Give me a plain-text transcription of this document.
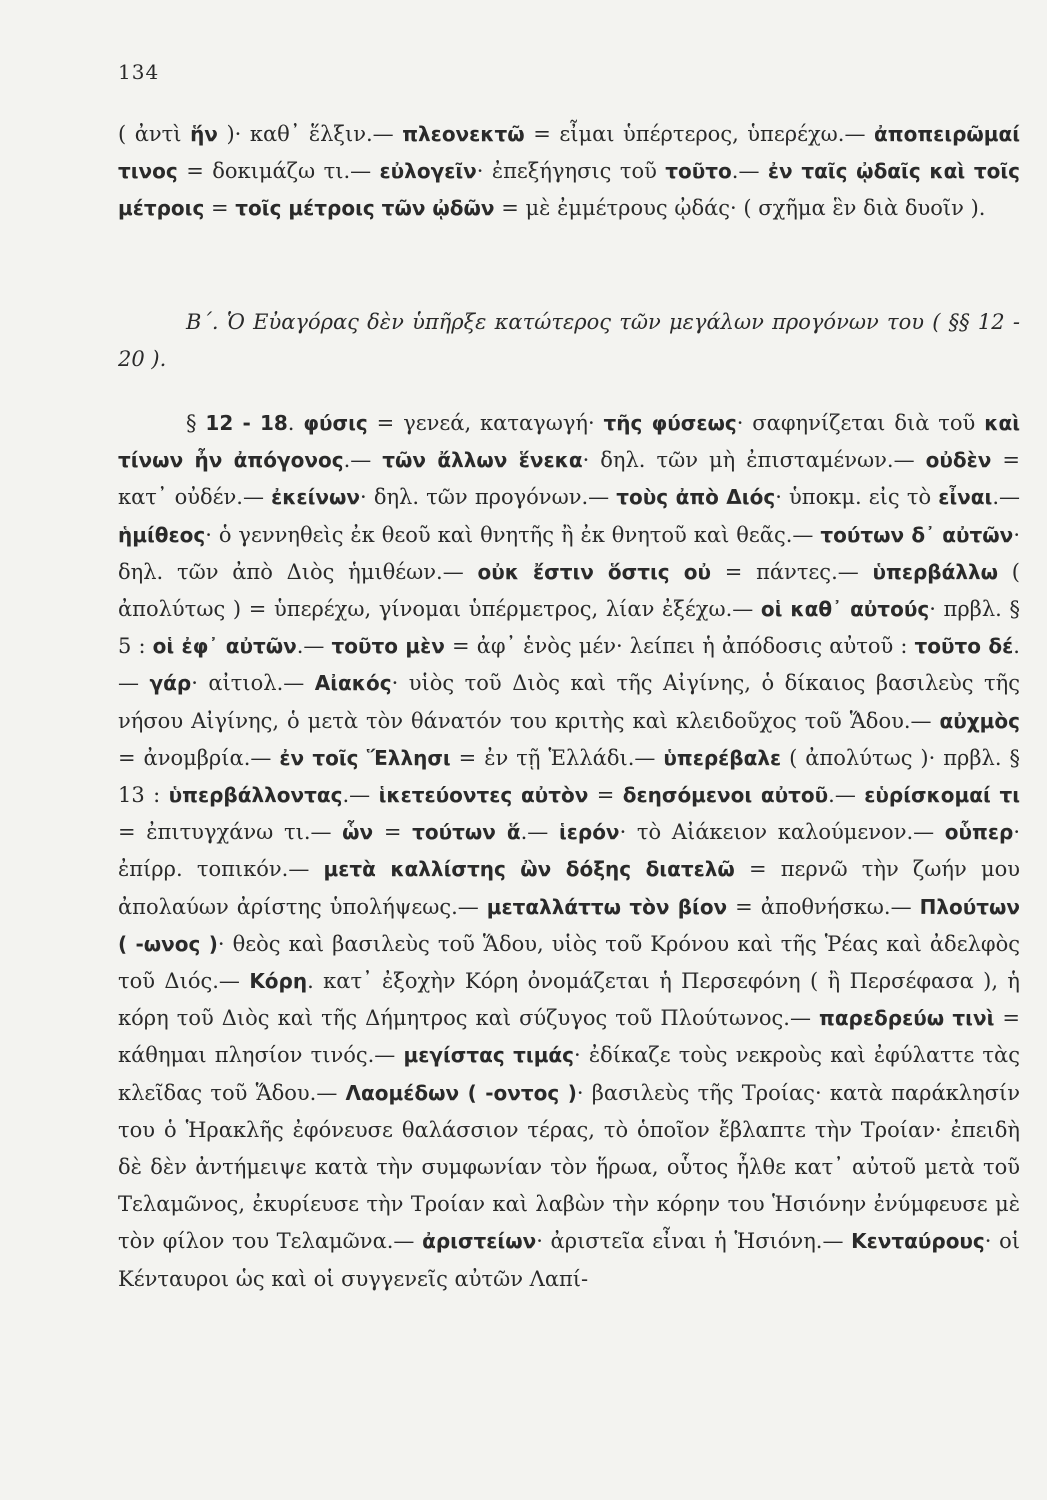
134

( ἀντὶ ἥν )· καθ᾽ ἕλξιν.— πλεονεκτῶ = εἶμαι ὑπέρτερος, ὑπερέχω.— ἀποπειρῶμαί τινος = δοκιμάζω τι.— εὐλογεῖν· ἐπεξήγησις τοῦ τοῦτο.— ἐν ταῖς ᾠδαῖς καὶ τοῖς μέτροις = τοῖς μέτροις τῶν ᾠδῶν = μὲ ἐμμέτρους ᾠδάς· ( σχῆμα ἓν διὰ δυοῖν ).

Β΄. Ὁ Εὐαγόρας δὲν ὑπῆρξε κατώτερος τῶν μεγάλων προγόνων του ( §§ 12 - 20 ).

§ 12 - 18. φύσις = γενεά, καταγωγή· τῆς φύσεως· σαφηνίζεται διὰ τοῦ καὶ τίνων ἦν ἀπόγονος.— τῶν ἄλλων ἕνεκα· δηλ. τῶν μὴ ἐπισταμένων.— οὐδὲν = κατ᾽ οὐδέν.— ἐκείνων· δηλ. τῶν προγόνων.— τοὺς ἀπὸ Διός· ὑποκμ. εἰς τὸ εἶναι.— ἡμίθεος· ὁ γεννηθεὶς ἐκ θεοῦ καὶ θνητῆς ἢ ἐκ θνητοῦ καὶ θεᾶς.— τούτων δ᾽ αὐτῶν· δηλ. τῶν ἀπὸ Διὸς ἡμιθέων.— οὐκ ἔστιν ὅστις οὐ = πάντες.— ὑπερβάλλω ( ἀπολύτως ) = ὑπερέχω, γίνομαι ὑπέρμετρος, λίαν ἐξέχω.— οἱ καθ᾽ αὐτούς· πρβλ. § 5 : οἱ ἐφ᾽ αὐτῶν.— τοῦτο μὲν = ἀφ᾽ ἑνὸς μέν· λείπει ἡ ἀπόδοσις αὐτοῦ : τοῦτο δέ.— γάρ· αἰτιολ.— Αἰακός· υἱὸς τοῦ Διὸς καὶ τῆς Αἰγίνης, ὁ δίκαιος βασιλεὺς τῆς νήσου Αἰγίνης, ὁ μετὰ τὸν θάνατόν του κριτὴς καὶ κλειδοῦχος τοῦ Ἅδου.— αὐχμὸς = ἀνομβρία.— ἐν τοῖς Ἕλλησι = ἐν τῇ Ἑλλάδι.— ὑπερέβαλε ( ἀπολύτως )· πρβλ. § 13 : ὑπερβάλλοντας.— ἱκετεύοντες αὐτὸν = δεησόμενοι αὐτοῦ.— εὑρίσκομαί τι = ἐπιτυγχάνω τι.— ὧν = τούτων ἅ.— ἱερόν· τὸ Αἰάκειον καλούμενον.— οὗπερ· ἐπίρρ. τοπικόν.— μετὰ καλλίστης ὢν δόξης διατελῶ = περνῶ τὴν ζωήν μου ἀπολαύων ἀρίστης ὑπολήψεως.— μεταλλάττω τὸν βίον = ἀποθνήσκω.— Πλούτων ( -ωνος )· θεὸς καὶ βασιλεὺς τοῦ Ἅδου, υἱὸς τοῦ Κρόνου καὶ τῆς Ῥέας καὶ ἀδελφὸς τοῦ Διός.— Κόρη. κατ᾽ ἐξοχὴν Κόρη ὀνομάζεται ἡ Περσεφόνη ( ἢ Περσέφασα ), ἡ κόρη τοῦ Διὸς καὶ τῆς Δήμητρος καὶ σύζυγος τοῦ Πλούτωνος.— παρεδρεύω τινὶ = κάθημαι πλησίον τινός.— μεγίστας τιμάς· ἐδίκαζε τοὺς νεκροὺς καὶ ἐφύλαττε τὰς κλεῖδας τοῦ Ἅδου.— Λαομέδων ( -οντος )· βασιλεὺς τῆς Τροίας· κατὰ παράκλησίν του ὁ Ἡρακλῆς ἐφόνευσε θαλάσσιον τέρας, τὸ ὁποῖον ἔβλαπτε τὴν Τροίαν· ἐπειδὴ δὲ δὲν ἀντήμειψε κατὰ τὴν συμφωνίαν τὸν ἥρωα, οὗτος ἦλθε κατ᾽ αὐτοῦ μετὰ τοῦ Τελαμῶνος, ἐκυρίευσε τὴν Τροίαν καὶ λαβὼν τὴν κόρην του Ἡσιόνην ἐνύμφευσε μὲ τὸν φίλον του Τελαμῶνα.— ἀριστείων· ἀριστεῖα εἶναι ἡ Ἡσιόνη.— Κενταύρους· οἱ Κένταυροι ὡς καὶ οἱ συγγενεῖς αὐτῶν Λαπί-
